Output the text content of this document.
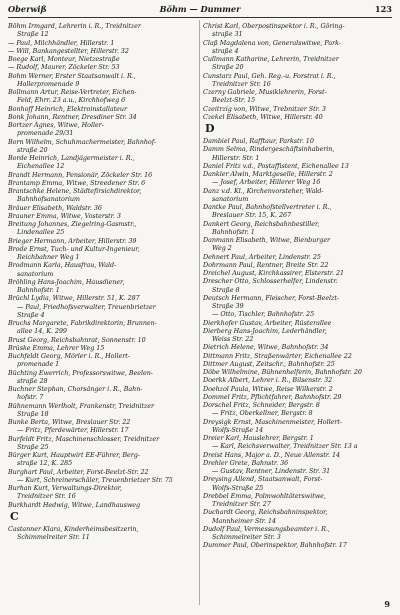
Oberwiß	Böhm — Dummer	123
Böhm Irmgard, Lehrerin i. R., Treidnitzer
Straße 12
— Paul, Milchhändler, Hillerstr. 1
— Will, Bankangestellter, Hillerstr. 32
Boege Karl, Monteur, Nietzestraße
— Rudolf, Maurer, Zöckeler Str. 53
Bohm Werner, Erster Staatsanwalt i. R.,
Hollerpromenade 9
Bollmann Artur, Reise-Vertreter, Eichen-
Feld, Ehrr. 23 a.u., Kirchhofweg 6
Bonhoff Heinrich, Elektroinstallateur
Bonk Johann, Rentner, Dresdiner Str. 34
Bortzer Agnes, Witwe, Holler-
promenade 29/31
Born Wilhelm, Schuhmachermeister, Bahnhof-
straße 20
Borde Heinrich, Landjägermeister i. R.,
Eichenallee 12
Brandt Hermann, Pensionär, Zöckeler Str. 16
Brantamp Emma, Witwe, Streedener Str. 6
Brantschke Helene, Städtefirsichdirektor,
Bahnhofsanatorium
Bräuer Elisabeth, Waldstr. 36
Brauner Emma, Witwe, Vosterstr. 3
Breitung Johannes, Ziegelring-Gasmstr.,
Lindenallee 25
Brieger Hermann, Arbeiter, Hillerstr. 39
Brode Ernst, Tuch- und Kultur-Ingenieur,
Reichbahner Weg 1
Brodmann Karla, Hausfrau, Wald-
sanatorium
Bröhling Hans-Joachim, Hausdiener,
Bahnhofstr. 1
Brüchl Lydia, Witwe, Hillerstr. 51, K. 287
— Paul, Friedhofsverwalter, Treuenbrietzer
Straße 4
Bruchs Margarete, Fabrikdirektorin, Brunnen-
allee 14, K. 299
Brust Georg, Reichsbahnrat, Sonnenstr. 10
Brüske Emma, Lehrer Weg 15
Buchfeldt Georg, Mörler i. R., Hollert-
promenade 1
Büchting Ewerrich, Professorswitwe, Beelen-
straße 28
Buchner Stephan, Chorsänger i. R., Bahn-
hofstr. 7
Bühnemann Werlholt, Frankenstr, Treidnitzer
Straße 18
Bunke Berta, Witwe, Breslauer Str. 22
— Fritz, Pferdewärter, Hillerstr. 17
Burfeldt Fritz, Maschinenschlosser, Treidnitzer
Straße 25
Bürger Kurt, Hauptwirt EE-Führer, Berg-
straße 12, K. 285
Burghart Paul, Arbeiter, Forst-Beelzt-Str. 22
— Kurt, Schreinerschäler, Treuenbrietzer Str. 75
Burhan Kurt, Verwaltungs-Direktor,
Treidnitzer Str. 16
Burkhardt Hedwig, Witwe, Landhausweg
C
Castanner Klara, Kinderheimsbesitzerin,
Schimmelreiter Str. 11
Christ Karl, Oberpostinspektor i. R., Göring-
straße 31
Claß Magdalena von, Generalswitwe, Park-
straße 4
Cullmann Katharine, Lehrerin, Treidnitzer
Straße 20
Cunstarz Paul, Geh. Reg.-u. Forstrat i. R.,
Treidnitzer Str. 16
Czerny Gabriele, Musiklehrerin, Forst-
Beelzt-Str. 15
Czeitrzig von, Witwe, Trebnitzer Str. 3
Czekel Elisabeth, Witwe, Hillerstr. 40
D
Dambiel Paul, Rafftaur, Parkstr. 10
Damm Selma, Rindergeschäftsinhaberin,
Hillerstr. Str. 1
Daniel Fritz v.d., Postaffistent, Eichenallee 13
Dankler Alwin, Marktgeselle, Hillerstr. 2
— Josef, Arbeiter, Hillerer Weg 16
Danz v.d. Kl., Kirchenvorsteher, Wald-
sanatorium
Dantke Paul, Bahnhofstellvertreter i. R.,
Breslauer Str. 15, K. 267
Dankert Georg, Reichsbahnbestiller,
Bahnhofstr. 1
Danmann Elisabeth, Witwe, Bienburger
Weg 2
Dehnert Paul, Arbeiter, Lindenstr. 25
Dohrmann Paul, Rentner, Breite Str. 22
Dreichel August, Kirchkassirer, Elsterstr. 21
Drescher Otto, Schlosserhelfer, Lindenstr.
Straße 8
Deutsch Hermann, Fleischer, Forst-Beelzt-
Straße 39
— Otto, Tischler, Bahnhofstr. 25
Dierkhofer Gustav, Arbeiter, Rüsterallee
Dierberg Hans-Joachim, Lederhändler,
Weiss Str. 22
Dietrich Helene, Witwe, Bahnhofstr. 34
Dittmann Fritz, Straßenwärter, Eichenallee 22
Dittmer August, Zeitschr., Bahnhofstr. 25
Döbe Wilhelmine, Bühnenhelferin, Bahnhofstr. 20
Doerkk Albert, Lehrer i. R., Bilsenstr. 32
Doehzol Paula, Witwe, Reise Wilkerstr. 2
Dommel Fritz, Pflichtfahrer, Bahnhofstr. 29
Dorschel Fritz, Schneider, Bergstr. 8
— Fritz, Oberkellner, Bergstr. 8
Dreysigk Ernst, Maschinenmeister, Hollert-
Wolfs-Straße 14
Dreier Karl, Hauslehrer, Bergstr. 1
— Karl, Reichsverwalter, Treidnitzer Str. 13 a
Dreist Hans, Major a. D., Neue Allenstr. 14
Drehler Grete, Bahnstr. 36
— Gustav, Rentner, Lindenstr. Str. 31
Dreysing Allend, Staatsanwalt, Forst-
Wolfs-Straße 25
Drebbel Emma, Polmwohltäterswitwe,
Treidnitzer Str. 27
Duchardt Georg, Reichsbahninspektor,
Mannheimer Str. 14
Dudolf Paul, Vermessungsbeamter i. R.,
Schimmelreiter Str. 3
Dummer Paul, Oberinspektor, Bahnhofstr. 17
9
